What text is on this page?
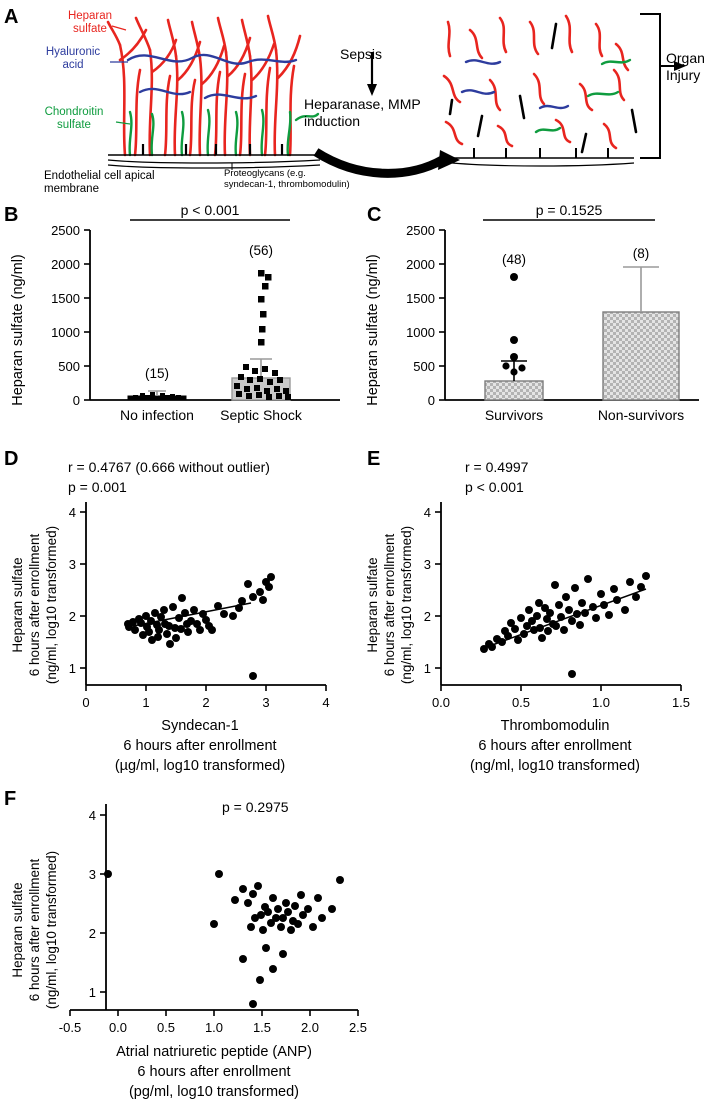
A	Heparan
sulfate
Hyaluronic
acid
Chondroitin
sulfate
Endothelial cell apical
membrane
Proteoglycans (e.g.
syndecan-1, thrombomodulin)
Sepsis
Heparanase, MMP
induction
Organ
Injury
B
Heparan sulfate (ng/ml)	0
500
1000
1500
2000
2500
p < 0.001
(15)
(56)
No infection Septic Shock
C
Heparan sulfate (ng/ml)	0
500
1000
1500
2000
2500
p = 0.1525
(48)	(8)
Survivors	Non-survivors
D	r = 0.4767 (0.666 without outlier)
p = 0.001
Heparan sulfate 6 hours after enrollment (ng/ml, log10 transformed) 1
2
3
4
0	1	2	3	4
Syndecan-1
6 hours after enrollment
(µg/ml, log10 transformed)
E	r = 0.4997
p < 0.001
Heparan sulfate 6 hours after enrollment (ng/ml, log10 transformed) 1
2
3
4
0.0	0.5	1.0	1.5
Thrombomodulin
6 hours after enrollment
(ng/ml, log10 transformed)
F	p = 0.2975
Heparan sulfate 6 hours after enrollment (ng/ml, log10 transformed) 1
2
3
4
-0.5 0.0 0.5 1.0 1.5 2.0 2.5
Atrial natriuretic peptide (ANP)
6 hours after enrollment
(pg/ml, log10 transformed)
